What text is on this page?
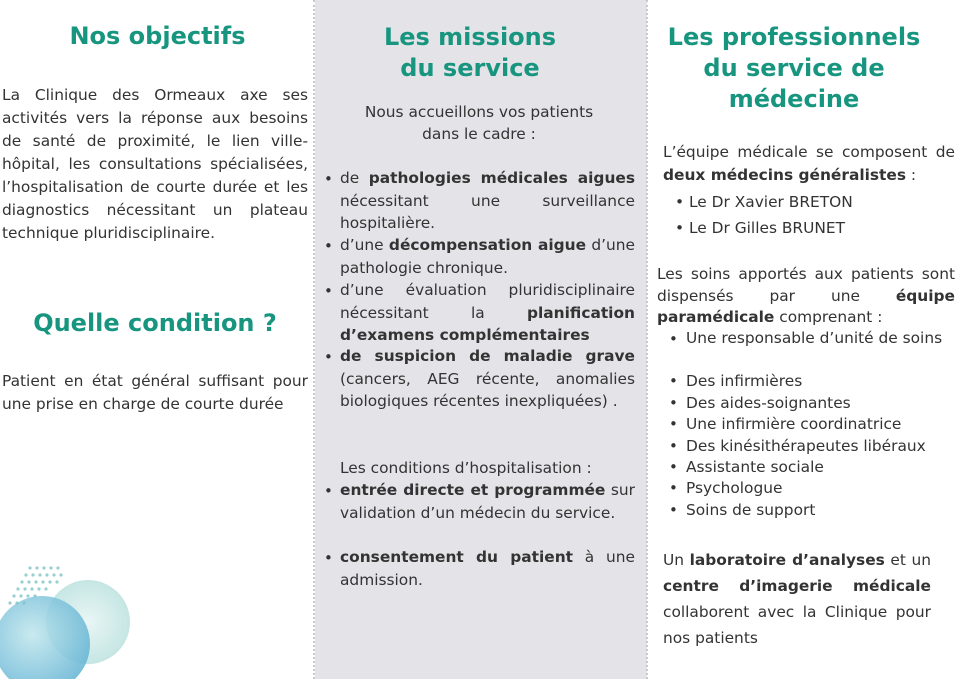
Nos objectifs

La Clinique des Ormeaux axe ses activités vers la réponse aux besoins de santé de proximité, le lien ville-hôpital, les consultations spécialisées, l’hospitalisation de courte durée et les diagnostics nécessitant un plateau technique pluridisciplinaire.

Quelle condition ?

Patient en état général suffisant pour une prise en charge de courte durée

Les missions
du service

Nous accueillons vos patients
dans le cadre :

• de pathologies médicales aigues nécessitant une surveillance hospitalière.

• d’une décompensation aigue d’une pathologie chronique.

• d’une évaluation pluridisciplinaire nécessitant la planification d’examens complémentaires

• de suspicion de maladie grave (cancers, AEG récente, anomalies biologiques récentes inexpliquées) .

Les conditions d’hospitalisation :

• entrée directe et programmée sur validation d’un médecin du service.

• consentement du patient à une admission.

Les professionnels
du service de
médecine

L’équipe médicale se composent de deux médecins généralistes :

• Le Dr Xavier BRETON
• Le Dr Gilles BRUNET

Les soins apportés aux patients sont dispensés par une équipe paramédicale comprenant :

• Une responsable d’unité de soins

• Des infirmières
• Des aides-soignantes
• Une infirmière coordinatrice
• Des kinésithérapeutes libéraux
• Assistante sociale
• Psychologue
• Soins de support

Un laboratoire d’analyses et un centre d’imagerie médicale collaborent avec la Clinique pour nos patients
